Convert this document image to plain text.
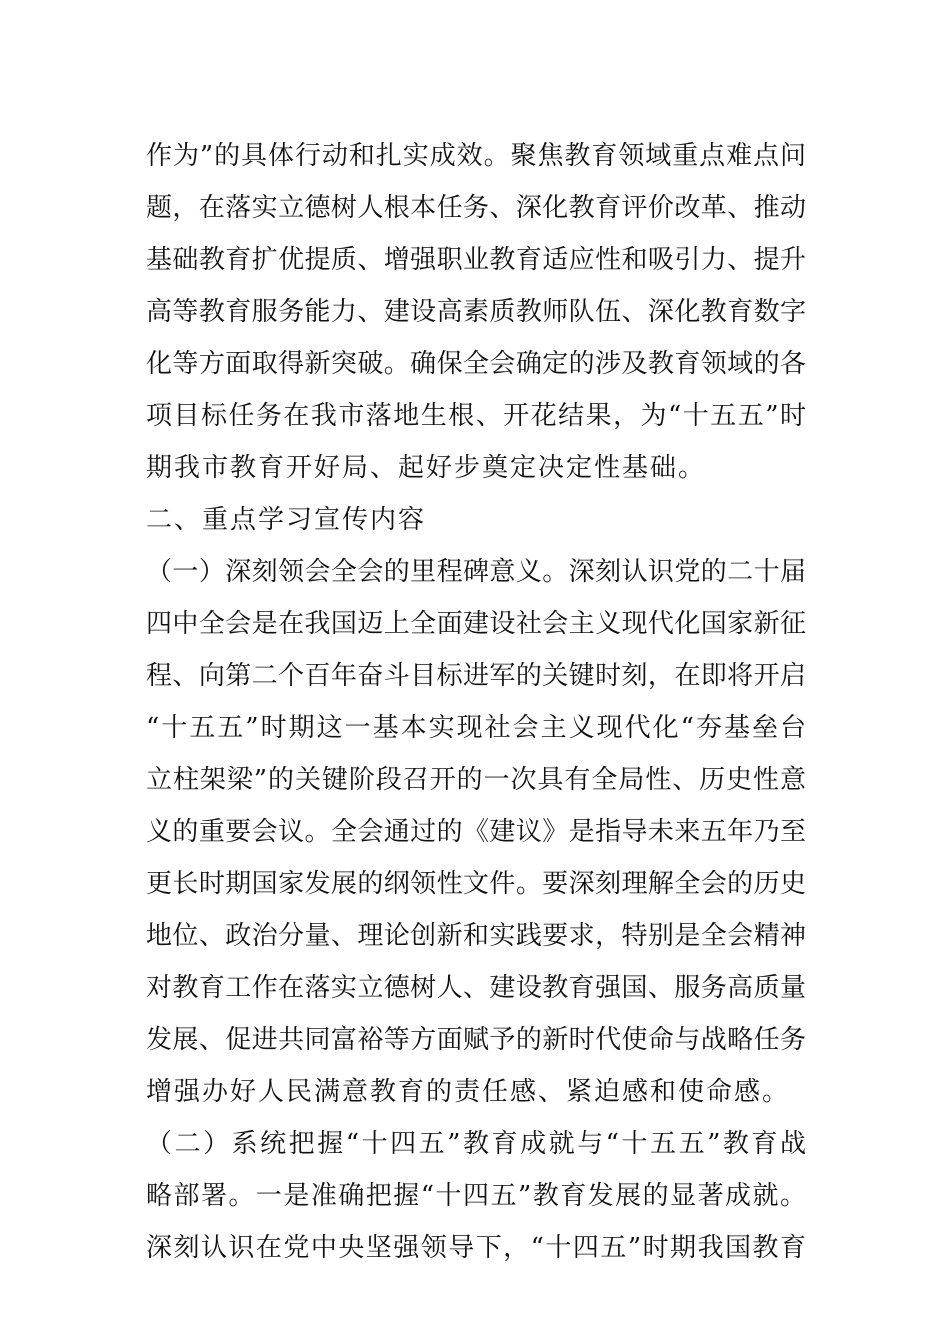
作为”的具体行动和扎实成效。聚焦教育领域重点难点问
题，在落实立德树人根本任务、深化教育评价改革、推动
基础教育扩优提质、增强职业教育适应性和吸引力、提升
高等教育服务能力、建设高素质教师队伍、深化教育数字
化等方面取得新突破。确保全会确定的涉及教育领域的各
项目标任务在我市落地生根、开花结果，为“十五五”时
期我市教育开好局、起好步奠定决定性基础。
二、重点学习宣传内容
（一）深刻领会全会的里程碑意义。深刻认识党的二十届
四中全会是在我国迈上全面建设社会主义现代化国家新征
程、向第二个百年奋斗目标进军的关键时刻，在即将开启
“十五五”时期这一基本实现社会主义现代化“夯基垒台
立柱架梁”的关键阶段召开的一次具有全局性、历史性意
义的重要会议。全会通过的《建议》是指导未来五年乃至
更长时期国家发展的纲领性文件。要深刻理解全会的历史
地位、政治分量、理论创新和实践要求，特别是全会精神
对教育工作在落实立德树人、建设教育强国、服务高质量
发展、促进共同富裕等方面赋予的新时代使命与战略任务
增强办好人民满意教育的责任感、紧迫感和使命感。
（二）系统把握“十四五”教育成就与“十五五”教育战
略部署。一是准确把握“十四五”教育发展的显著成就。
深刻认识在党中央坚强领导下，“十四五”时期我国教育
